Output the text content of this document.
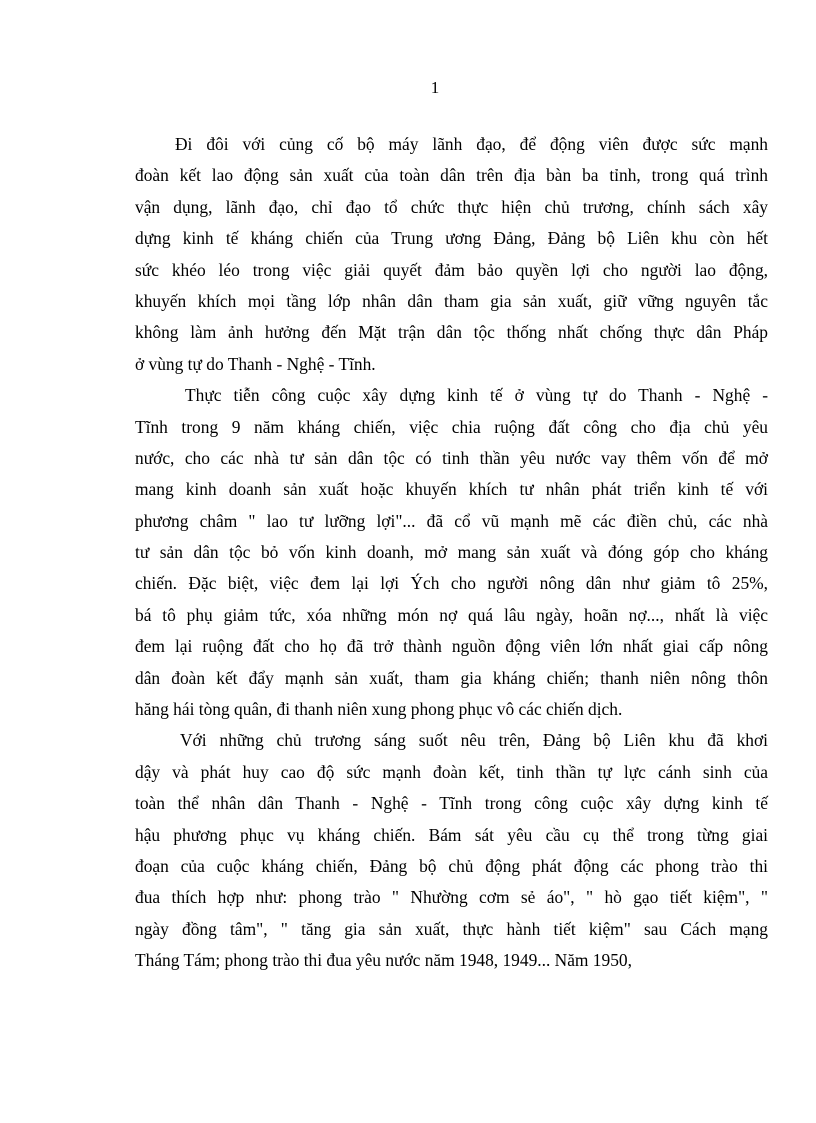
1
Đi đôi với củng cố bộ máy lãnh đạo, để động viên được sức mạnh
đoàn kết lao động sản xuất của toàn dân trên địa bàn ba tỉnh, trong quá trình
vận dụng, lãnh đạo, chỉ đạo tổ chức thực hiện chủ trương, chính sách xây
dựng kinh tế kháng chiến của Trung ương Đảng, Đảng bộ Liên khu còn hết
sức khéo léo trong việc giải quyết đảm bảo quyền lợi cho người lao động,
khuyến khích mọi tầng lớp nhân dân tham gia sản xuất, giữ vững nguyên tắc
không làm ảnh hưởng đến Mặt trận dân tộc thống nhất chống thực dân Pháp
ở vùng tự do Thanh - Nghệ - Tĩnh.
Thực tiễn công cuộc xây dựng kinh tế ở vùng tự do Thanh - Nghệ -
Tĩnh trong 9 năm kháng chiến, việc chia ruộng đất công cho địa chủ yêu
nước, cho các nhà tư sản dân tộc có tinh thần yêu nước vay thêm vốn để mở
mang kinh doanh sản xuất hoặc khuyến khích tư nhân phát triển kinh tế với
phương châm " lao tư lưỡng lợi"... đã cổ vũ mạnh mẽ các điền chủ, các nhà
tư sản dân tộc bỏ vốn kinh doanh, mở mang sản xuất và đóng góp cho kháng
chiến. Đặc biệt, việc đem lại lợi Ých cho người nông dân như giảm tô 25%,
bá tô phụ giảm tức, xóa những món nợ quá lâu ngày, hoãn nợ..., nhất là việc
đem lại ruộng đất cho họ đã trở thành nguồn động viên lớn nhất giai cấp nông
dân đoàn kết đẩy mạnh sản xuất, tham gia kháng chiến; thanh niên nông thôn
hăng hái tòng quân, đi thanh niên xung phong phục vô các chiến dịch.
Với những chủ trương sáng suốt nêu trên, Đảng bộ Liên khu đã khơi
dậy và phát huy cao độ sức mạnh đoàn kết, tinh thần tự lực cánh sinh của
toàn thể nhân dân Thanh - Nghệ - Tĩnh trong công cuộc xây dựng kinh tế
hậu phương phục vụ kháng chiến. Bám sát yêu cầu cụ thể trong từng giai
đoạn của cuộc kháng chiến, Đảng bộ chủ động phát động các phong trào thi
đua thích hợp như: phong trào " Nhường cơm sẻ áo", " hò gạo tiết kiệm", "
ngày đồng tâm", " tăng gia sản xuất, thực hành tiết kiệm" sau Cách mạng
Tháng Tám; phong trào thi đua yêu nước năm 1948, 1949... Năm 1950,
